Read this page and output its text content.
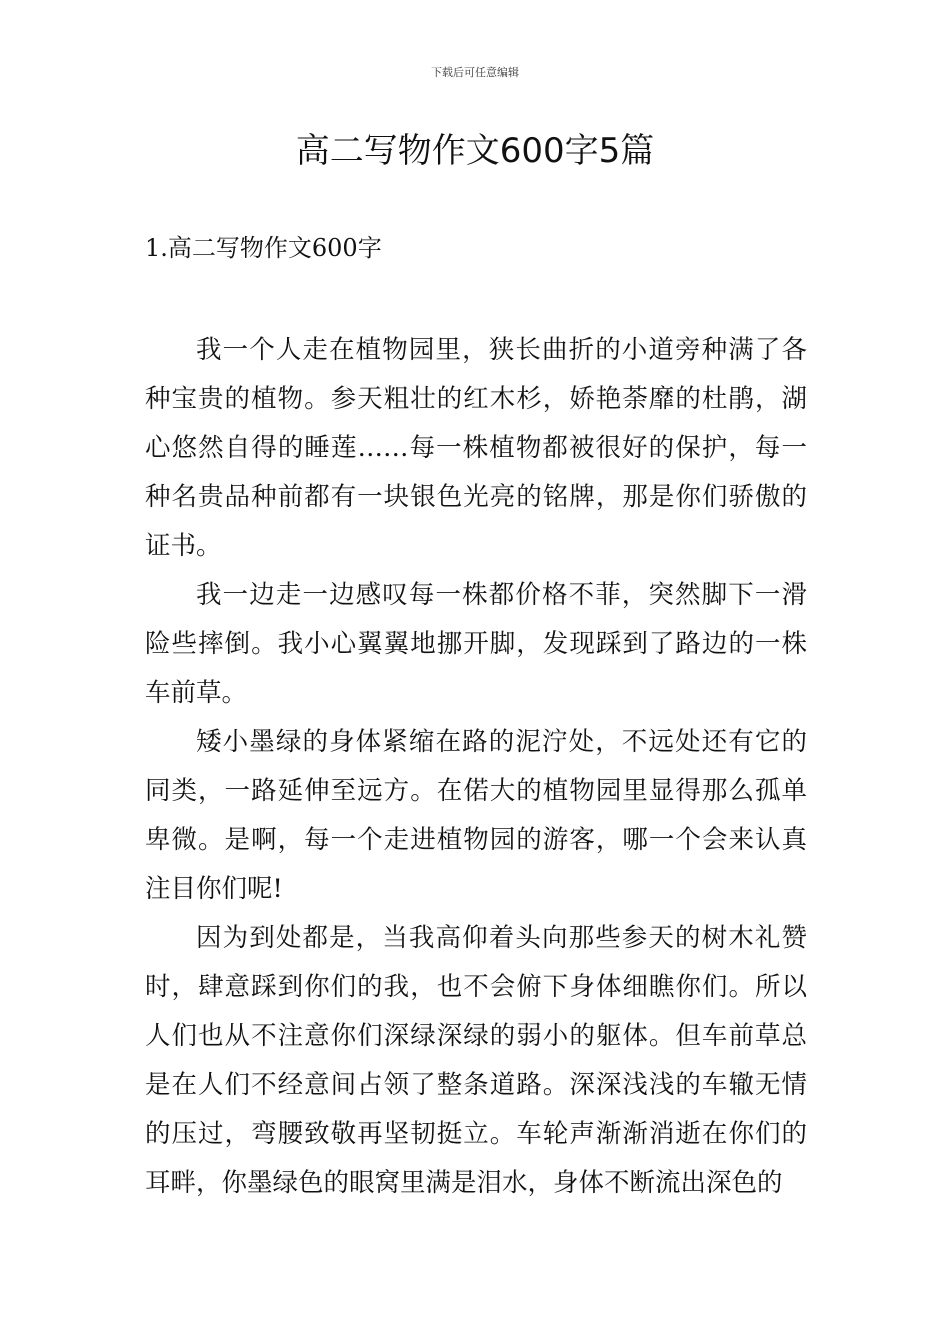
下载后可任意编辑
高二写物作文600字5篇
1.高二写物作文600字

我一个人走在植物园里，狭长曲折的小道旁种满了各种宝贵的植物。参天粗壮的红木杉，娇艳荼靡的杜鹃，湖心悠然自得的睡莲……每一株植物都被很好的保护，每一种名贵品种前都有一块银色光亮的铭牌，那是你们骄傲的证书。

我一边走一边感叹每一株都价格不菲，突然脚下一滑险些摔倒。我小心翼翼地挪开脚，发现踩到了路边的一株车前草。

矮小墨绿的身体紧缩在路的泥泞处，不远处还有它的同类，一路延伸至远方。在偌大的植物园里显得那么孤单卑微。是啊，每一个走进植物园的游客，哪一个会来认真注目你们呢!

因为到处都是，当我高仰着头向那些参天的树木礼赞时，肆意踩到你们的我，也不会俯下身体细瞧你们。所以人们也从不注意你们深绿深绿的弱小的躯体。但车前草总是在人们不经意间占领了整条道路。深深浅浅的车辙无情的压过，弯腰致敬再坚韧挺立。车轮声渐渐消逝在你们的耳畔，你墨绿色的眼窝里满是泪水，身体不断流出深色的
